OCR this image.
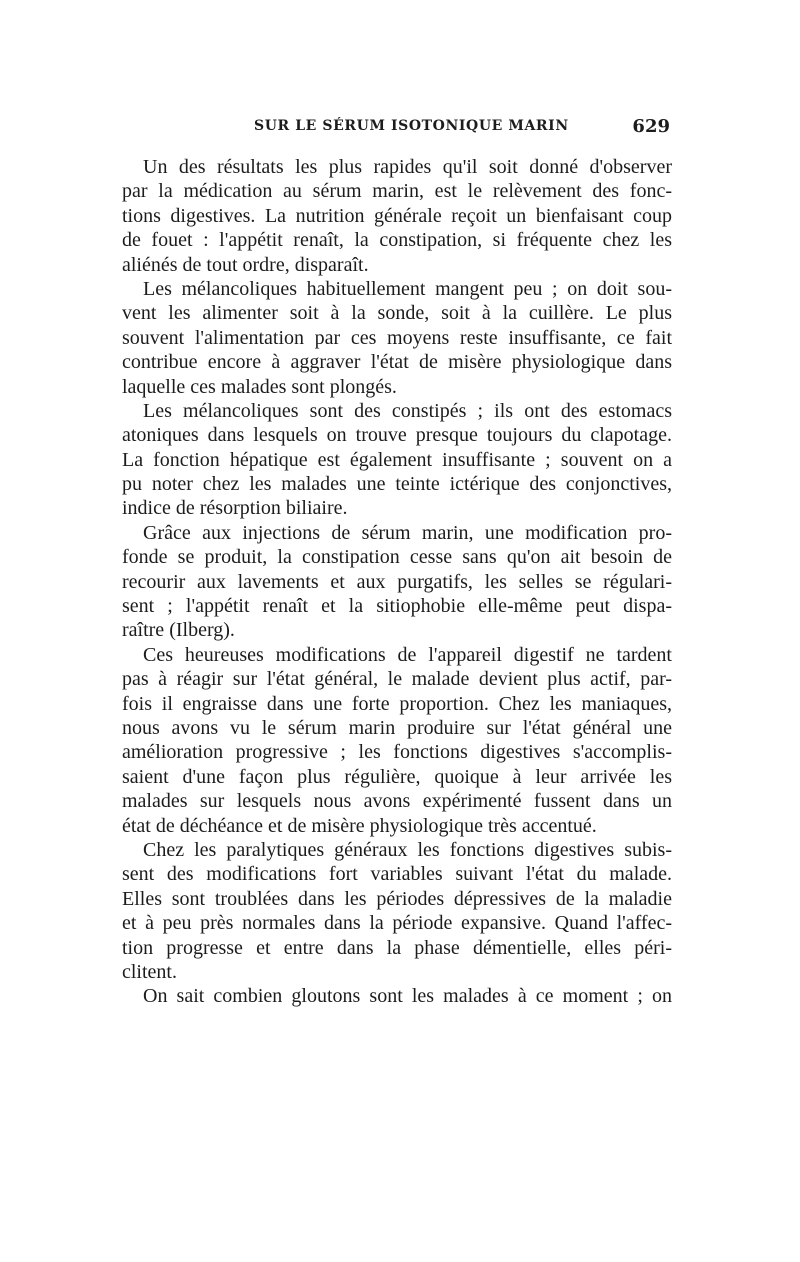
SUR LE SÉRUM ISOTONIQUE MARIN	629
Un des résultats les plus rapides qu'il soit donné d'observer
par la médication au sérum marin, est le relèvement des fonc-
tions digestives. La nutrition générale reçoit un bienfaisant coup
de fouet : l'appétit renaît, la constipation, si fréquente chez les
aliénés de tout ordre, disparaît.
Les mélancoliques habituellement mangent peu ; on doit sou-
vent les alimenter soit à la sonde, soit à la cuillère. Le plus
souvent l'alimentation par ces moyens reste insuffisante, ce fait
contribue encore à aggraver l'état de misère physiologique dans
laquelle ces malades sont plongés.
Les mélancoliques sont des constipés ; ils ont des estomacs
atoniques dans lesquels on trouve presque toujours du clapotage.
La fonction hépatique est également insuffisante ; souvent on a
pu noter chez les malades une teinte ictérique des conjonctives,
indice de résorption biliaire.
Grâce aux injections de sérum marin, une modification pro-
fonde se produit, la constipation cesse sans qu'on ait besoin de
recourir aux lavements et aux purgatifs, les selles se régulari-
sent ; l'appétit renaît et la sitiophobie elle-même peut dispa-
raître (Ilberg).
Ces heureuses modifications de l'appareil digestif ne tardent
pas à réagir sur l'état général, le malade devient plus actif, par-
fois il engraisse dans une forte proportion. Chez les maniaques,
nous avons vu le sérum marin produire sur l'état général une
amélioration progressive ; les fonctions digestives s'accomplis-
saient d'une façon plus régulière, quoique à leur arrivée les
malades sur lesquels nous avons expérimenté fussent dans un
état de déchéance et de misère physiologique très accentué.
Chez les paralytiques généraux les fonctions digestives subis-
sent des modifications fort variables suivant l'état du malade.
Elles sont troublées dans les périodes dépressives de la maladie
et à peu près normales dans la période expansive. Quand l'affec-
tion progresse et entre dans la phase démentielle, elles péri-
clitent.
On sait combien gloutons sont les malades à ce moment ; on
